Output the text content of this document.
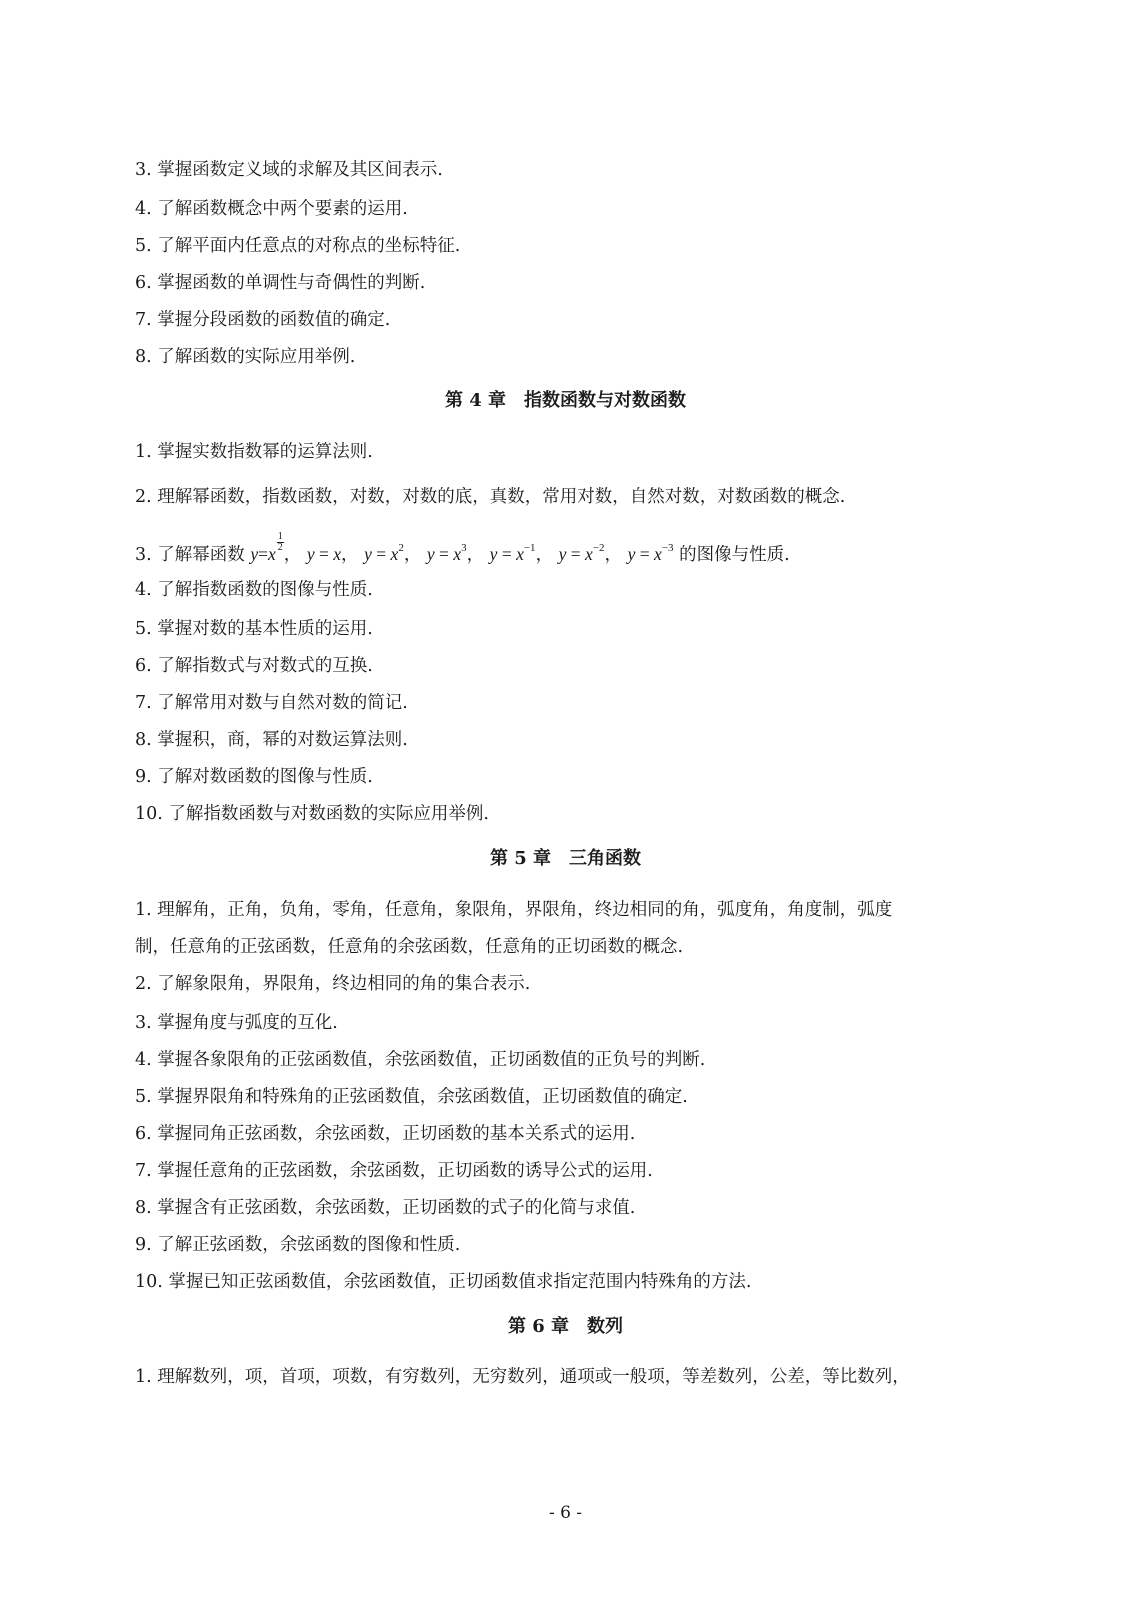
3. 掌握函数定义域的求解及其区间表示.
4. 了解函数概念中两个要素的运用.
5. 了解平面内任意点的对称点的坐标特征.
6. 掌握函数的单调性与奇偶性的判断.
7. 掌握分段函数的函数值的确定.
8. 了解函数的实际应用举例.
第 4 章　指数函数与对数函数
1. 掌握实数指数幂的运算法则.
2. 理解幂函数，指数函数，对数，对数的底，真数，常用对数，自然对数，对数函数的概念.
3. 了解幂函数 y=x
$\frac{1}{2}$
， y = x， $y = x^2$， $y = x^3$， $y = x^{-1}$， $y = x^{-2}$， $y = x^{-3}$ 的图像与性质.
4. 了解指数函数的图像与性质.
5. 掌握对数的基本性质的运用.
6. 了解指数式与对数式的互换.
7. 了解常用对数与自然对数的简记.
8. 掌握积，商，幂的对数运算法则.
9. 了解对数函数的图像与性质.
10. 了解指数函数与对数函数的实际应用举例.
第 5 章　三角函数
1. 理解角，正角，负角，零角，任意角，象限角，界限角，终边相同的角，弧度角，角度制，弧度
制，任意角的正弦函数，任意角的余弦函数，任意角的正切函数的概念.
2. 了解象限角，界限角，终边相同的角的集合表示.
3. 掌握角度与弧度的互化.
4. 掌握各象限角的正弦函数值，余弦函数值，正切函数值的正负号的判断.
5. 掌握界限角和特殊角的正弦函数值，余弦函数值，正切函数值的确定.
6. 掌握同角正弦函数，余弦函数，正切函数的基本关系式的运用.
7. 掌握任意角的正弦函数，余弦函数，正切函数的诱导公式的运用.
8. 掌握含有正弦函数，余弦函数，正切函数的式子的化简与求值.
9. 了解正弦函数，余弦函数的图像和性质.
10. 掌握已知正弦函数值，余弦函数值，正切函数值求指定范围内特殊角的方法.
第 6 章　数列
1. 理解数列，项，首项，项数，有穷数列，无穷数列，通项或一般项，等差数列，公差，等比数列，
- 6 -
